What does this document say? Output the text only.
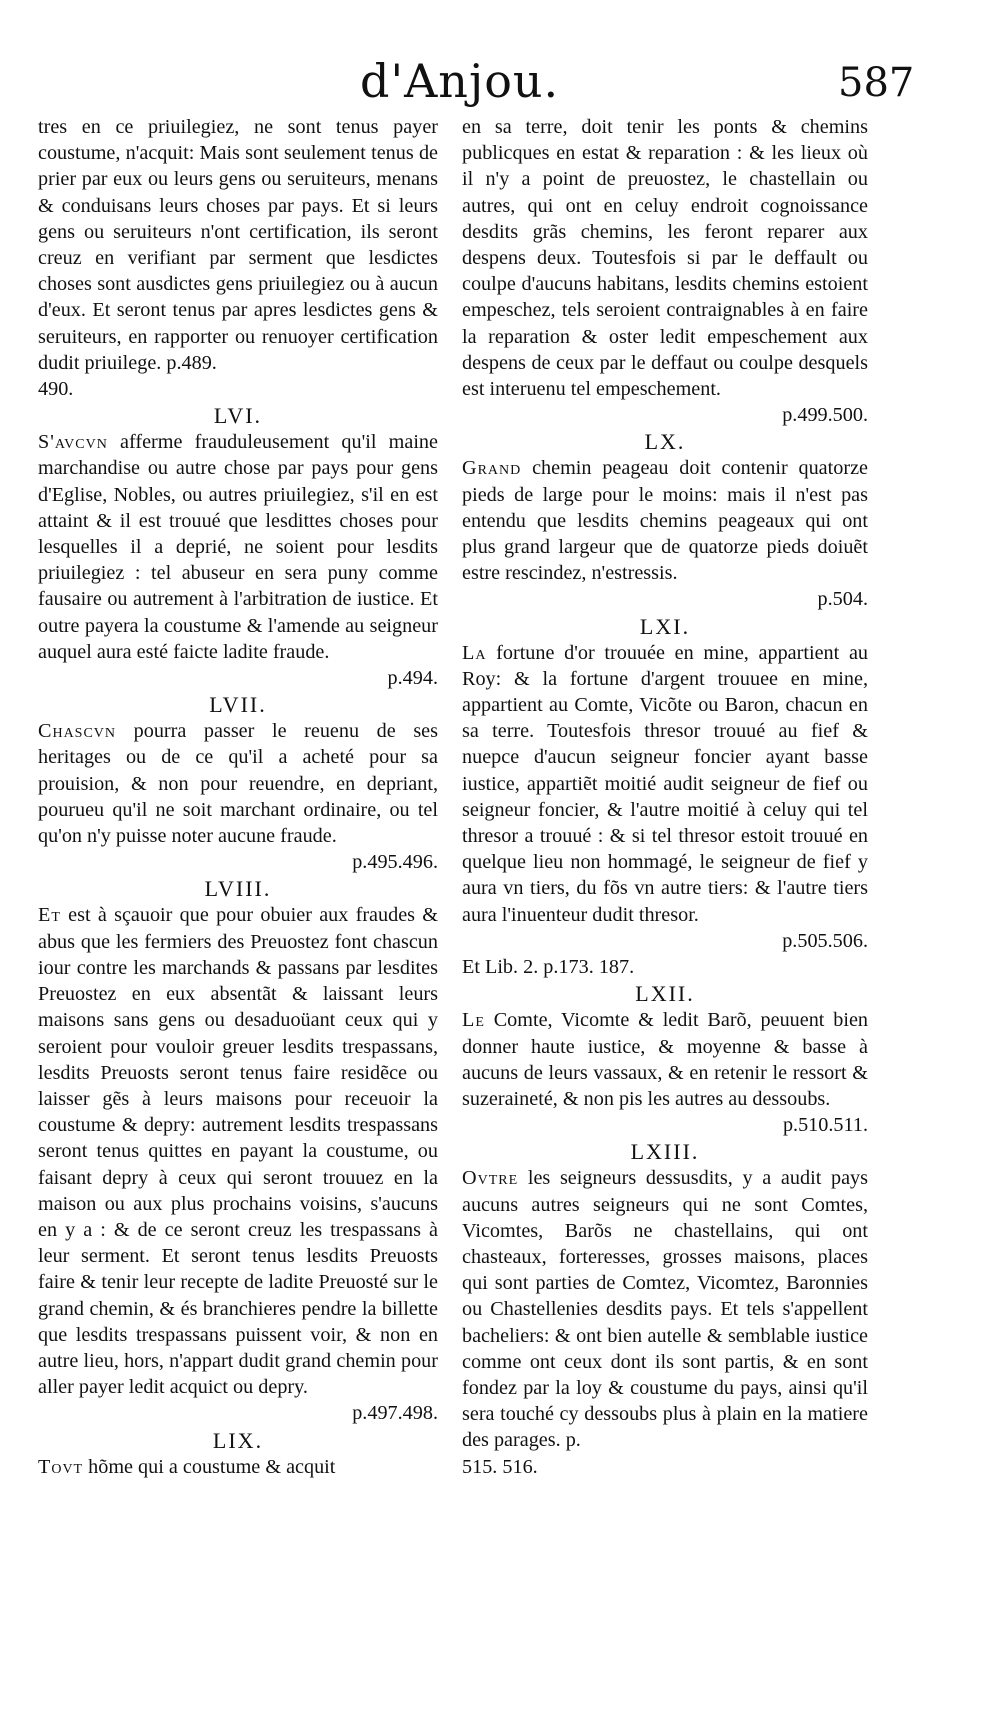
d'Anjou.	587

tres en ce priuilegiez, ne sont tenus payer coustume, n'acquit: Mais sont seulement tenus de prier par eux ou leurs gens ou seruiteurs, menans & conduisans leurs choses par pays. Et si leurs gens ou seruiteurs n'ont certification, ils seront creuz en verifiant par serment que lesdictes choses sont ausdictes gens priuilegiez ou à aucun d'eux. Et seront tenus par apres lesdictes gens & seruiteurs, en rapporter ou renuoyer certification dudit priuilege. p.489.
490.

LVI.

S'avcvn afferme frauduleusement qu'il maine marchandise ou autre chose par pays pour gens d'Eglise, Nobles, ou autres priuilegiez, s'il en est attaint & il est trouué que lesdittes choses pour lesquelles il a deprié, ne soient pour lesdits priuilegiez : tel abuseur en sera puny comme fausaire ou autrement à l'arbitration de iustice. Et outre payera la coustume & l'amende au seigneur auquel aura esté faicte ladite fraude.
p.494.

LVII.

Chascvn pourra passer le reuenu de ses heritages ou de ce qu'il a acheté pour sa prouision, & non pour reuendre, en depriant, pourueu qu'il ne soit marchant ordinaire, ou tel qu'on n'y puisse noter aucune fraude.
p.495.496.

LVIII.

Et est à sçauoir que pour obuier aux fraudes & abus que les fermiers des Preuostez font chascun iour contre les marchands & passans par lesdites Preuostez en eux absentãt & laissant leurs maisons sans gens ou desaduoüant ceux qui y seroient pour vouloir greuer lesdits trespassans, lesdits Preuosts seront tenus faire residẽce ou laisser gẽs à leurs maisons pour receuoir la coustume & depry: autrement lesdits trespassans seront tenus quittes en payant la coustume, ou faisant depry à ceux qui seront trouuez en la maison ou aux plus prochains voisins, s'aucuns en y a : & de ce seront creuz les trespassans à leur serment. Et seront tenus lesdits Preuosts faire & tenir leur recepte de ladite Preuosté sur le grand chemin, & és branchieres pendre la billette que lesdits trespassans puissent voir, & non en autre lieu, hors, n'appart dudit grand chemin pour aller payer ledit acquict ou depry.
p.497.498.

LIX.

Tovt hõme qui a coustume & acquit

en sa terre, doit tenir les ponts & chemins publicques en estat & reparation : & les lieux où il n'y a point de preuostez, le chastellain ou autres, qui ont en celuy endroit cognoissance desdits grãs chemins, les feront reparer aux despens deux. Toutesfois si par le deffault ou coulpe d'aucuns habitans, lesdits chemins estoient empeschez, tels seroient contraignables à en faire la reparation & oster ledit empeschement aux despens de ceux par le deffaut ou coulpe desquels est interuenu tel empeschement.
p.499.500.

LX.

Grand chemin peageau doit contenir quatorze pieds de large pour le moins: mais il n'est pas entendu que lesdits chemins peageaux qui ont plus grand largeur que de quatorze pieds doiuẽt estre rescindez, n'estressis.
p.504.

LXI.

La fortune d'or trouuée en mine, appartient au Roy: & la fortune d'argent trouuee en mine, appartient au Comte, Vicõte ou Baron, chacun en sa terre. Toutesfois thresor trouué au fief & nuepce d'aucun seigneur foncier ayant basse iustice, appartiẽt moitié audit seigneur de fief ou seigneur foncier, & l'autre moitié à celuy qui tel thresor a trouué : & si tel thresor estoit trouué en quelque lieu non hommagé, le seigneur de fief y aura vn tiers, du fõs vn autre tiers: & l'autre tiers aura l'inuenteur dudit thresor.
p.505.506.
Et Lib. 2. p.173. 187.

LXII.

Le Comte, Vicomte & ledit Barõ, peuuent bien donner haute iustice, & moyenne & basse à aucuns de leurs vassaux, & en retenir le ressort & suzeraineté, & non pis les autres au dessoubs.
p.510.511.

LXIII.

Ovtre les seigneurs dessusdits, y a audit pays aucuns autres seigneurs qui ne sont Comtes, Vicomtes, Barõs ne chastellains, qui ont chasteaux, forteresses, grosses maisons, places qui sont parties de Comtez, Vicomtez, Baronnies ou Chastellenies desdits pays. Et tels s'appellent bacheliers: & ont bien autelle & semblable iustice comme ont ceux dont ils sont partis, & en sont fondez par la loy & coustume du pays, ainsi qu'il sera touché cy dessoubs plus à plain en la matiere des parages. p.
515. 516.
